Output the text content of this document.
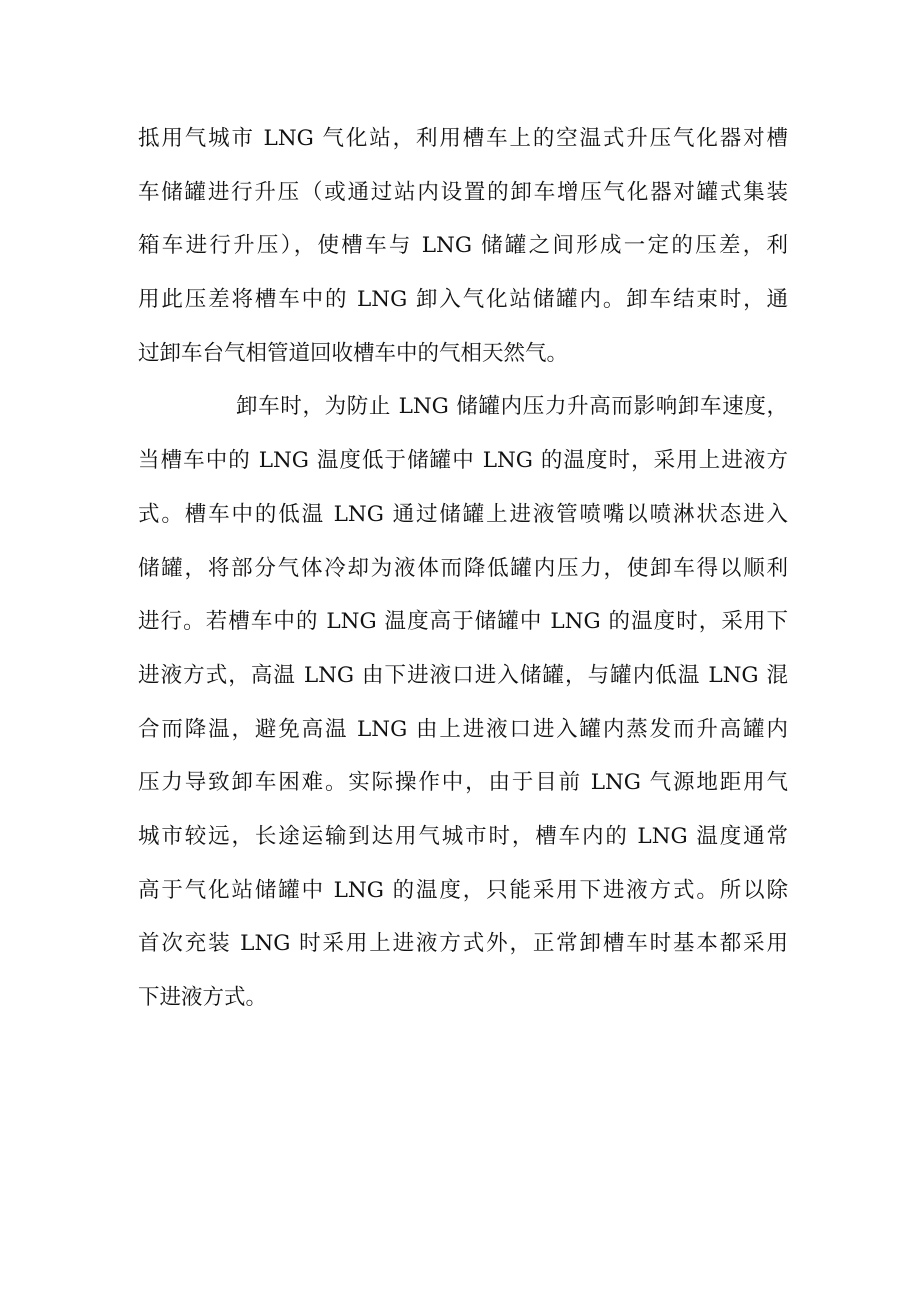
抵用气城市 LNG 气化站，利用槽车上的空温式升压气化器对槽
车储罐进行升压（或通过站内设置的卸车增压气化器对罐式集装
箱车进行升压），使槽车与 LNG 储罐之间形成一定的压差，利
用此压差将槽车中的 LNG 卸入气化站储罐内。卸车结束时，通
过卸车台气相管道回收槽车中的气相天然气。
卸车时，为防止 LNG 储罐内压力升高而影响卸车速度，
当槽车中的 LNG 温度低于储罐中 LNG 的温度时，采用上进液方
式。槽车中的低温 LNG 通过储罐上进液管喷嘴以喷淋状态进入
储罐，将部分气体冷却为液体而降低罐内压力，使卸车得以顺利
进行。若槽车中的 LNG 温度高于储罐中 LNG 的温度时，采用下
进液方式，高温 LNG 由下进液口进入储罐，与罐内低温 LNG 混
合而降温，避免高温 LNG 由上进液口进入罐内蒸发而升高罐内
压力导致卸车困难。实际操作中，由于目前 LNG 气源地距用气
城市较远，长途运输到达用气城市时，槽车内的 LNG 温度通常
高于气化站储罐中 LNG 的温度，只能采用下进液方式。所以除
首次充装 LNG 时采用上进液方式外，正常卸槽车时基本都采用
下进液方式。
